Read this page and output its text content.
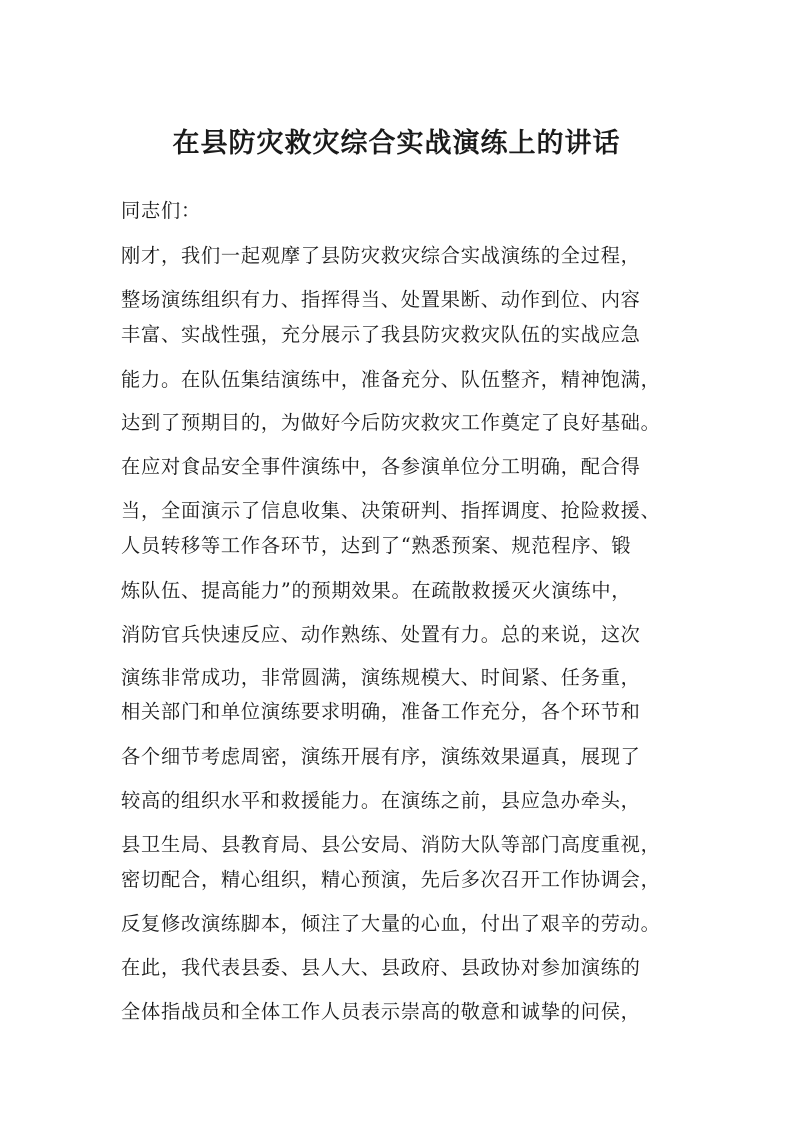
在县防灾救灾综合实战演练上的讲话
同志们：
刚才，我们一起观摩了县防灾救灾综合实战演练的全过程，
整场演练组织有力、指挥得当、处置果断、动作到位、内容
丰富、实战性强，充分展示了我县防灾救灾队伍的实战应急
能力。在队伍集结演练中，准备充分、队伍整齐，精神饱满，
达到了预期目的，为做好今后防灾救灾工作奠定了良好基础。
在应对食品安全事件演练中，各参演单位分工明确，配合得
当，全面演示了信息收集、决策研判、指挥调度、抢险救援、
人员转移等工作各环节，达到了“熟悉预案、规范程序、锻
炼队伍、提高能力”的预期效果。在疏散救援灭火演练中，
消防官兵快速反应、动作熟练、处置有力。总的来说，这次
演练非常成功，非常圆满，演练规模大、时间紧、任务重，
相关部门和单位演练要求明确，准备工作充分，各个环节和
各个细节考虑周密，演练开展有序，演练效果逼真，展现了
较高的组织水平和救援能力。在演练之前，县应急办牵头，
县卫生局、县教育局、县公安局、消防大队等部门高度重视，
密切配合，精心组织，精心预演，先后多次召开工作协调会，
反复修改演练脚本，倾注了大量的心血，付出了艰辛的劳动。
在此，我代表县委、县人大、县政府、县政协对参加演练的
全体指战员和全体工作人员表示崇高的敬意和诚挚的问侯，
